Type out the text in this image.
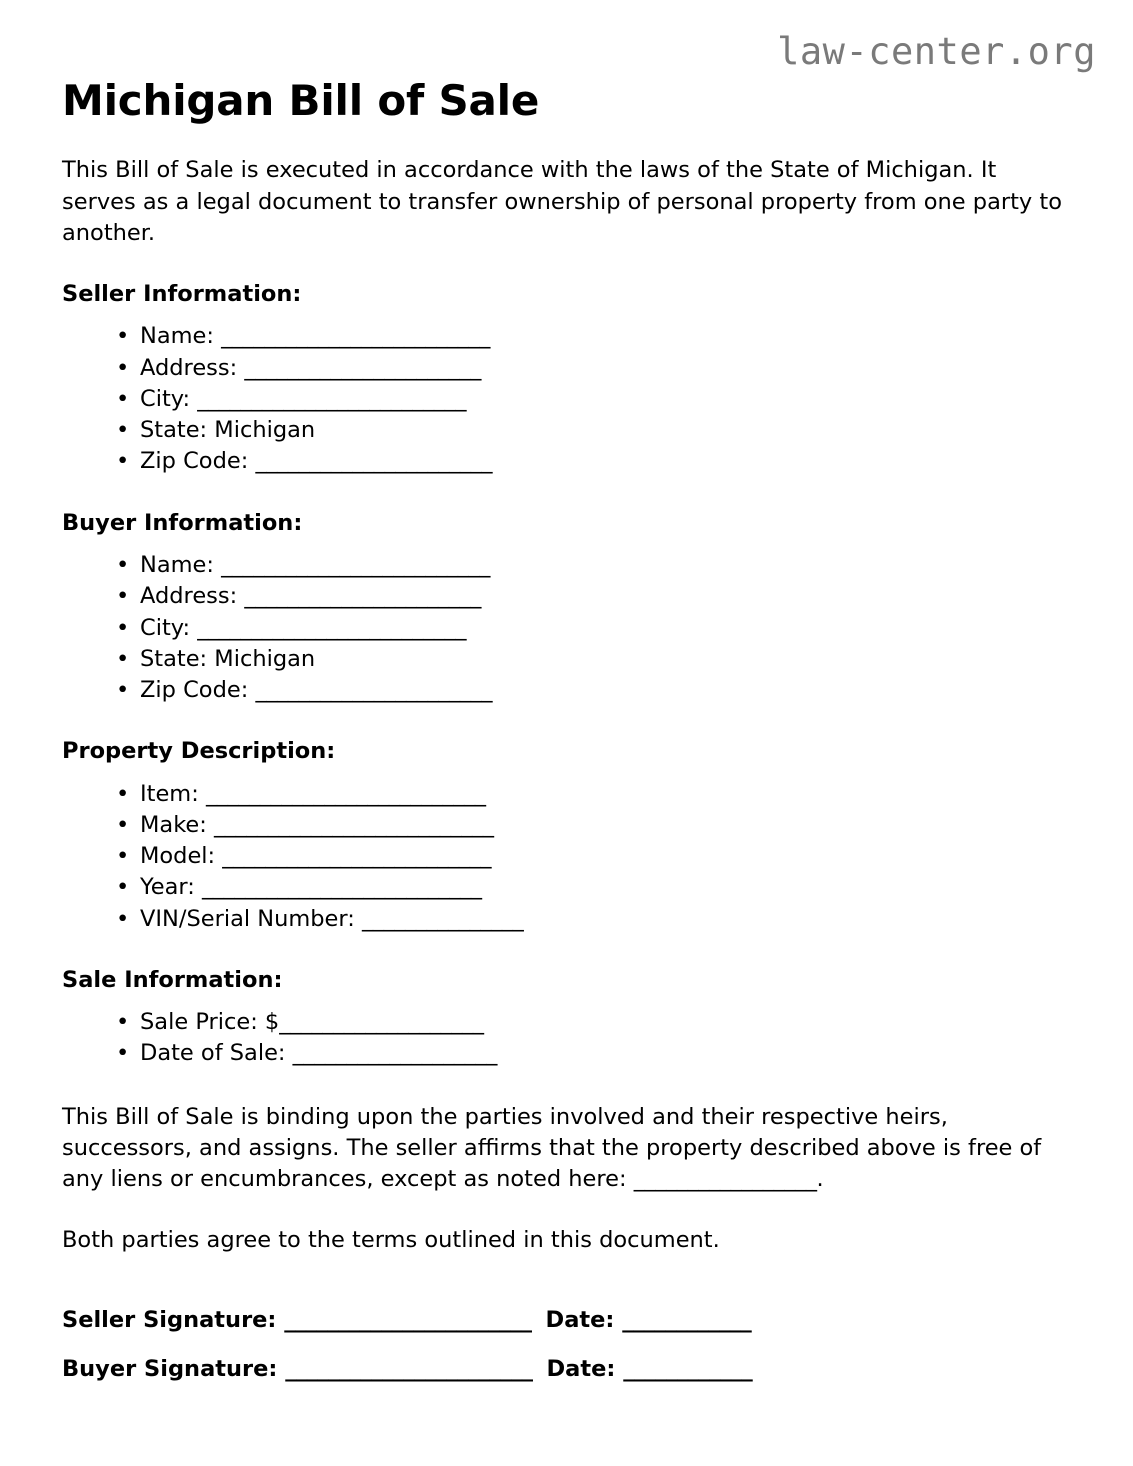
law-center.org
Michigan Bill of Sale

This Bill of Sale is executed in accordance with the laws of the State of Michigan. It serves as a legal document to transfer ownership of personal property from one party to another.

Seller Information:
• Name: _________________________
• Address: ______________________
• City: _________________________
• State: Michigan
• Zip Code: ______________________
Buyer Information:
• Name: _________________________
• Address: ______________________
• City: _________________________
• State: Michigan
• Zip Code: ______________________
Property Description:
• Item: __________________________
• Make: __________________________
• Model: _________________________
• Year: __________________________
• VIN/Serial Number: _______________
Sale Information:
• Sale Price: $___________________
• Date of Sale: ___________________

This Bill of Sale is binding upon the parties involved and their respective heirs, successors, and assigns. The seller affirms that the property described above is free of any liens or encumbrances, except as noted here: _________________.

Both parties agree to the terms outlined in this document.

Seller Signature: _______________________ Date: ____________
Buyer Signature: _______________________ Date: ____________
